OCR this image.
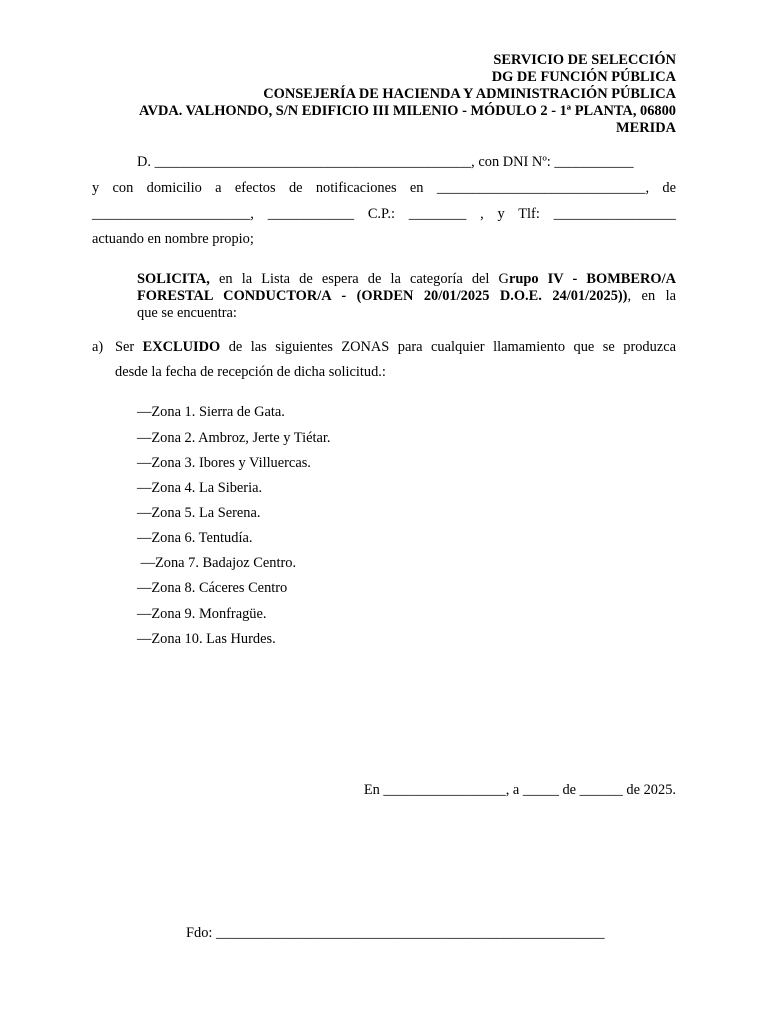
SERVICIO DE SELECCIÓN
DG DE FUNCIÓN PÚBLICA
CONSEJERÍA DE HACIENDA Y ADMINISTRACIÓN PÚBLICA
AVDA. VALHONDO, S/N EDIFICIO III MILENIO - MÓDULO 2 - 1ª PLANTA, 06800
MERIDA
D. ____________________________________________, con DNI Nº: ___________
y con domicilio a efectos de notificaciones en _____________________________, de
______________________, ____________ C.P.: ________ , y Tlf: _________________
actuando en nombre propio;
SOLICITA, en la Lista de espera de la categoría del Grupo IV - BOMBERO/A
FORESTAL CONDUCTOR/A - (ORDEN 20/01/2025 D.O.E. 24/01/2025)), en la
que se encuentra:
a) Ser EXCLUIDO de las siguientes ZONAS para cualquier llamamiento que se produzca
desde la fecha de recepción de dicha solicitud.:
—Zona 1. Sierra de Gata.
—Zona 2. Ambroz, Jerte y Tiétar.
—Zona 3. Ibores y Villuercas.
—Zona 4. La Siberia.
—Zona 5. La Serena.
—Zona 6. Tentudía.
—Zona 7. Badajoz Centro.
—Zona 8. Cáceres Centro
—Zona 9. Monfragüe.
—Zona 10. Las Hurdes.
En _________________, a _____ de ______ de 2025.
Fdo: ______________________________________________________
